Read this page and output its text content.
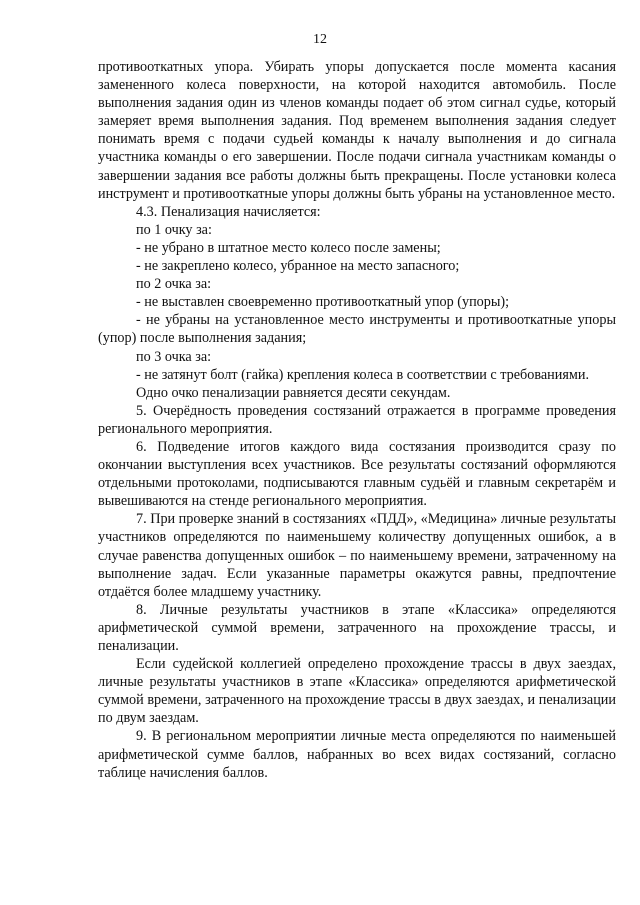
12

противооткатных упора. Убирать упоры допускается после момента касания замененного колеса поверхности, на которой находится автомобиль. После выполнения задания один из членов команды подает об этом сигнал судье, который замеряет время выполнения задания. Под временем выполнения задания следует понимать время с подачи судьей команды к началу выполнения и до сигнала участника команды о его завершении. После подачи сигнала участникам команды о завершении задания все работы должны быть прекращены. После установки колеса инструмент и противооткатные упоры должны быть убраны на установленное место.

4.3. Пенализация начисляется:

по 1 очку за:

- не убрано в штатное место колесо после замены;

- не закреплено колесо, убранное на место запасного;

по 2 очка за:

- не выставлен своевременно противооткатный упор (упоры);

- не убраны на установленное место инструменты и противооткатные упоры (упор) после выполнения задания;

по 3 очка за:

- не затянут болт (гайка) крепления колеса в соответствии с требованиями.

Одно очко пенализации равняется десяти секундам.

5. Очерёдность проведения состязаний отражается в программе проведения регионального мероприятия.

6. Подведение итогов каждого вида состязания производится сразу по окончании выступления всех участников. Все результаты состязаний оформляются отдельными протоколами, подписываются главным судьёй и главным секретарём и вывешиваются на стенде регионального мероприятия.

7. При проверке знаний в состязаниях «ПДД», «Медицина» личные результаты участников определяются по наименьшему количеству допущенных ошибок, а в случае равенства допущенных ошибок – по наименьшему времени, затраченному на выполнение задач. Если указанные параметры окажутся равны, предпочтение отдаётся более младшему участнику.

8. Личные результаты участников в этапе «Классика» определяются арифметической суммой времени, затраченного на прохождение трассы, и пенализации.

Если судейской коллегией определено прохождение трассы в двух заездах, личные результаты участников в этапе «Классика» определяются арифметической суммой времени, затраченного на прохождение трассы в двух заездах, и пенализации по двум заездам.

9. В региональном мероприятии личные места определяются по наименьшей арифметической сумме баллов, набранных во всех видах состязаний, согласно таблице начисления баллов.
